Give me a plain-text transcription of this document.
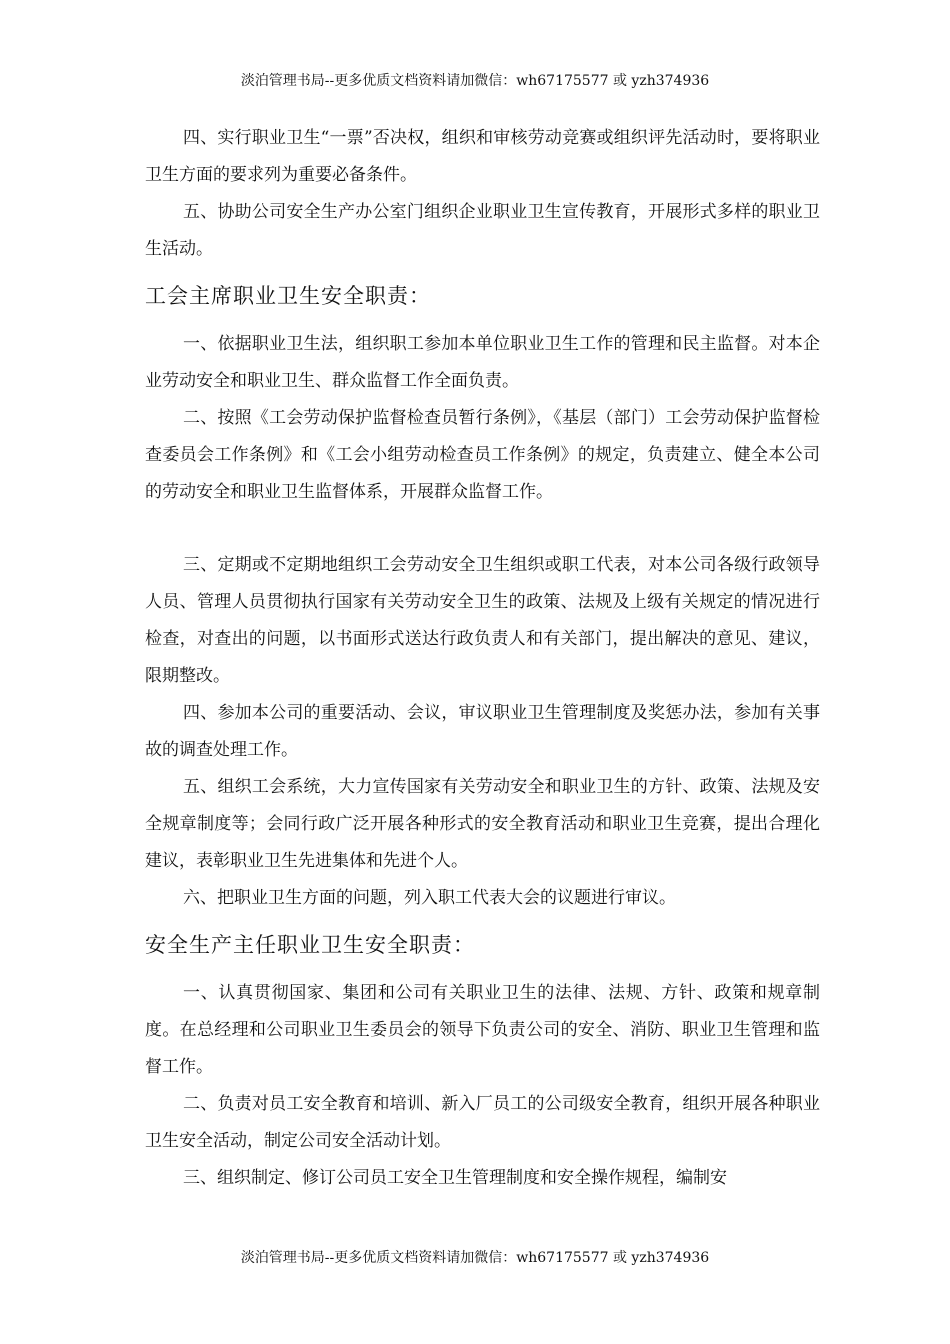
淡泊管理书局--更多优质文档资料请加微信：wh67175577 或 yzh374936

四、实行职业卫生“一票”否决权，组织和审核劳动竞赛或组织评先活动时，要将职业卫生方面的要求列为重要必备条件。

五、协助公司安全生产办公室门组织企业职业卫生宣传教育，开展形式多样的职业卫生活动。

工会主席职业卫生安全职责：

一、依据职业卫生法，组织职工参加本单位职业卫生工作的管理和民主监督。对本企业劳动安全和职业卫生、群众监督工作全面负责。

二、按照《工会劳动保护监督检查员暂行条例》，《基层（部门）工会劳动保护监督检查委员会工作条例》和《工会小组劳动检查员工作条例》的规定，负责建立、健全本公司的劳动安全和职业卫生监督体系，开展群众监督工作。

三、定期或不定期地组织工会劳动安全卫生组织或职工代表，对本公司各级行政领导人员、管理人员贯彻执行国家有关劳动安全卫生的政策、法规及上级有关规定的情况进行检查，对查出的问题，以书面形式送达行政负责人和有关部门，提出解决的意见、建议，限期整改。

四、参加本公司的重要活动、会议，审议职业卫生管理制度及奖惩办法，参加有关事故的调查处理工作。

五、组织工会系统，大力宣传国家有关劳动安全和职业卫生的方针、政策、法规及安全规章制度等；会同行政广泛开展各种形式的安全教育活动和职业卫生竞赛，提出合理化建议，表彰职业卫生先进集体和先进个人。

六、把职业卫生方面的问题，列入职工代表大会的议题进行审议。

安全生产主任职业卫生安全职责：

一、认真贯彻国家、集团和公司有关职业卫生的法律、法规、方针、政策和规章制度。在总经理和公司职业卫生委员会的领导下负责公司的安全、消防、职业卫生管理和监督工作。

二、负责对员工安全教育和培训、新入厂员工的公司级安全教育，组织开展各种职业卫生安全活动，制定公司安全活动计划。

三、组织制定、修订公司员工安全卫生管理制度和安全操作规程，编制安

淡泊管理书局--更多优质文档资料请加微信：wh67175577 或 yzh374936
